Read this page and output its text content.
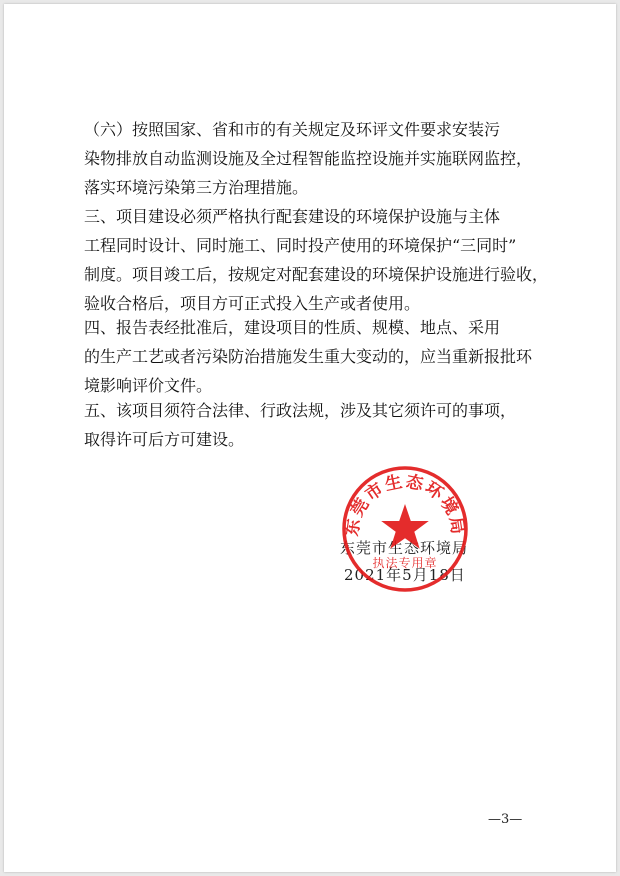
（六）按照国家、省和市的有关规定及环评文件要求安装污
染物排放自动监测设施及全过程智能监控设施并实施联网监控，
落实环境污染第三方治理措施。

三、项目建设必须严格执行配套建设的环境保护设施与主体
工程同时设计、同时施工、同时投产使用的环境保护“三同时”
制度。项目竣工后，按规定对配套建设的环境保护设施进行验收，
验收合格后，项目方可正式投入生产或者使用。

四、报告表经批准后，建设项目的性质、规模、地点、采用
的生产工艺或者污染防治措施发生重大变动的，应当重新报批环
境影响评价文件。

五、该项目须符合法律、行政法规，涉及其它须许可的事项，
取得许可后方可建设。

东莞市生态环境局
2021年5月18日
东莞市生态环境局
执法专用章
—3—
